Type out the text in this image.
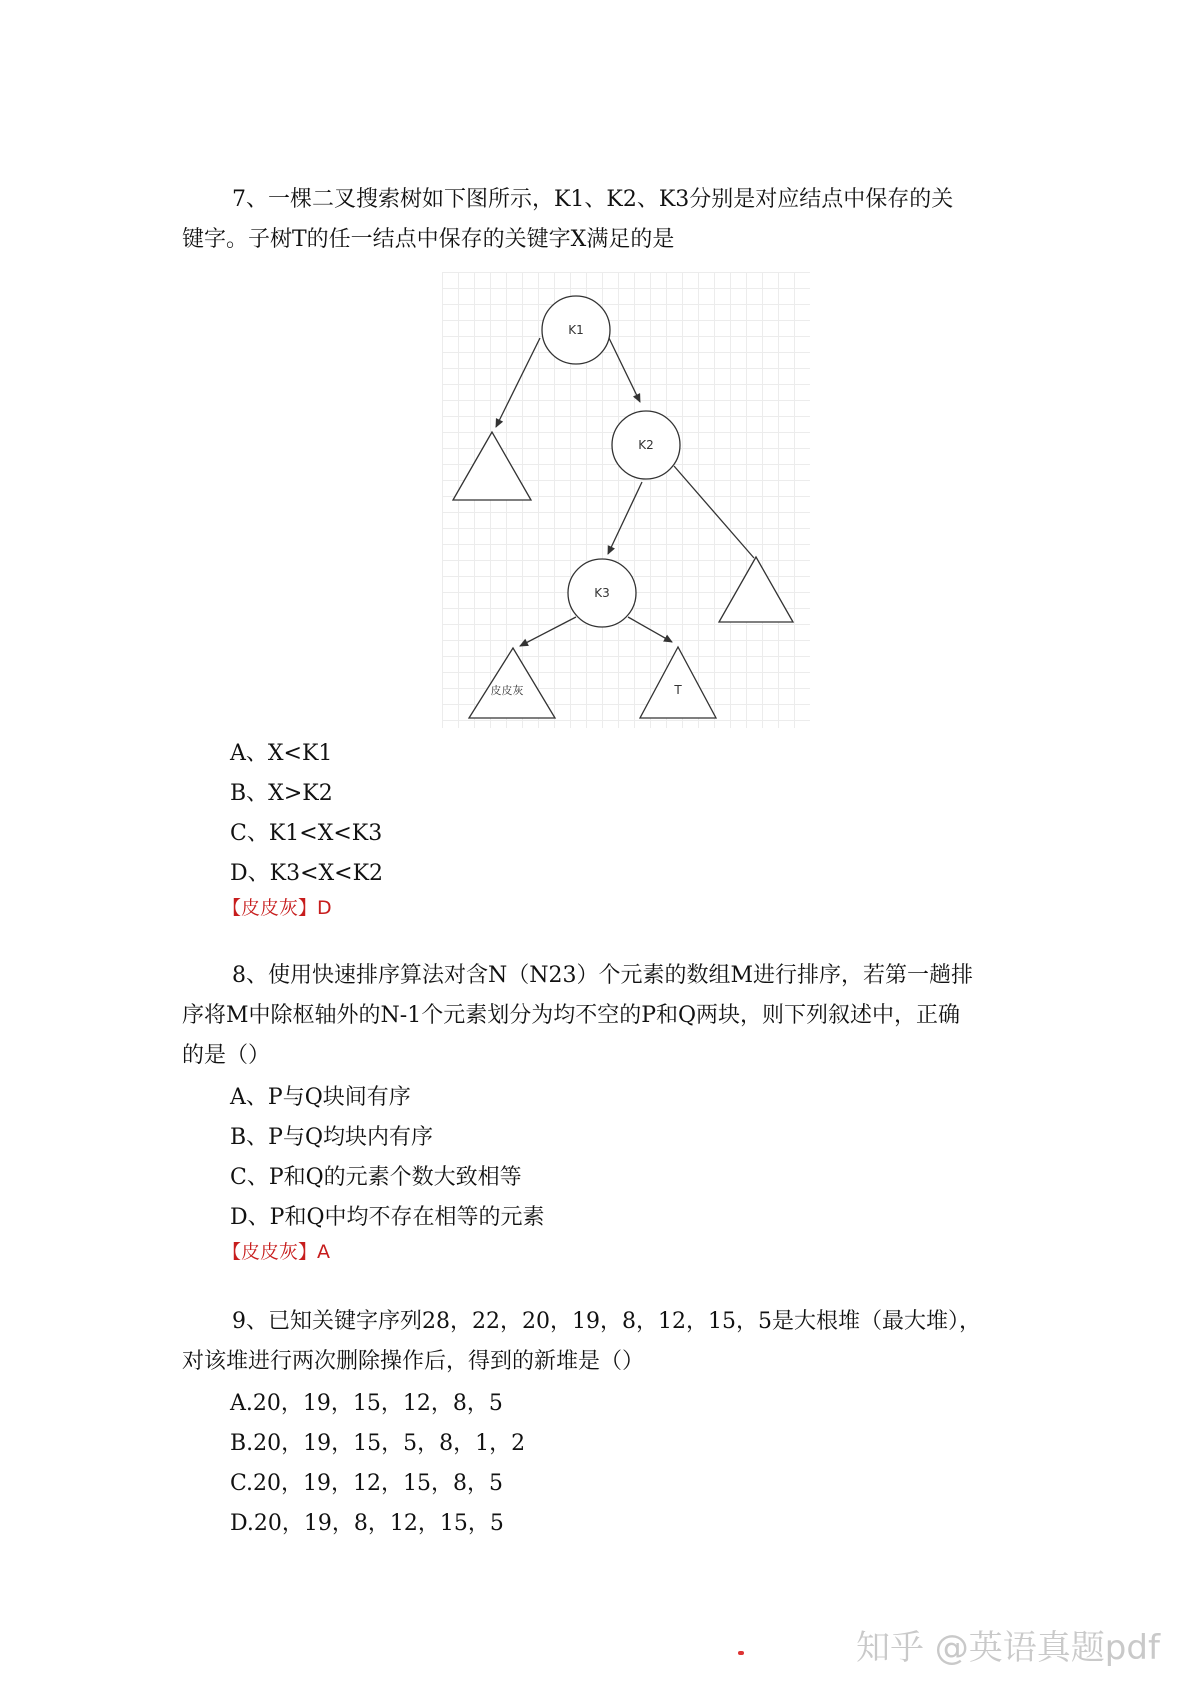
7、一棵二叉搜索树如下图所示，K1、K2、K3分别是对应结点中保存的关
键字。子树T的任一结点中保存的关键字X满足的是
K1
K2
K3
皮皮灰	T
A、X<K1
B、X>K2
C、K1<X<K3
D、K3<X<K2
【皮皮灰】D
8、使用快速排序算法对含N（N23）个元素的数组M进行排序，若第一趟排
序将M中除枢轴外的N-1个元素划分为均不空的P和Q两块，则下列叙述中，正确
的是（）
A、P与Q块间有序
B、P与Q均块内有序
C、P和Q的元素个数大致相等
D、P和Q中均不存在相等的元素
【皮皮灰】A
9、已知关键字序列28，22，20，19，8，12，15，5是大根堆（最大堆），
对该堆进行两次删除操作后，得到的新堆是（）
A.20，19，15，12，8，5
B.20，19，15，5，8，1，2
C.20，19，12，15，8，5
D.20，19，8，12，15，5
知乎 @英语真题pdf
